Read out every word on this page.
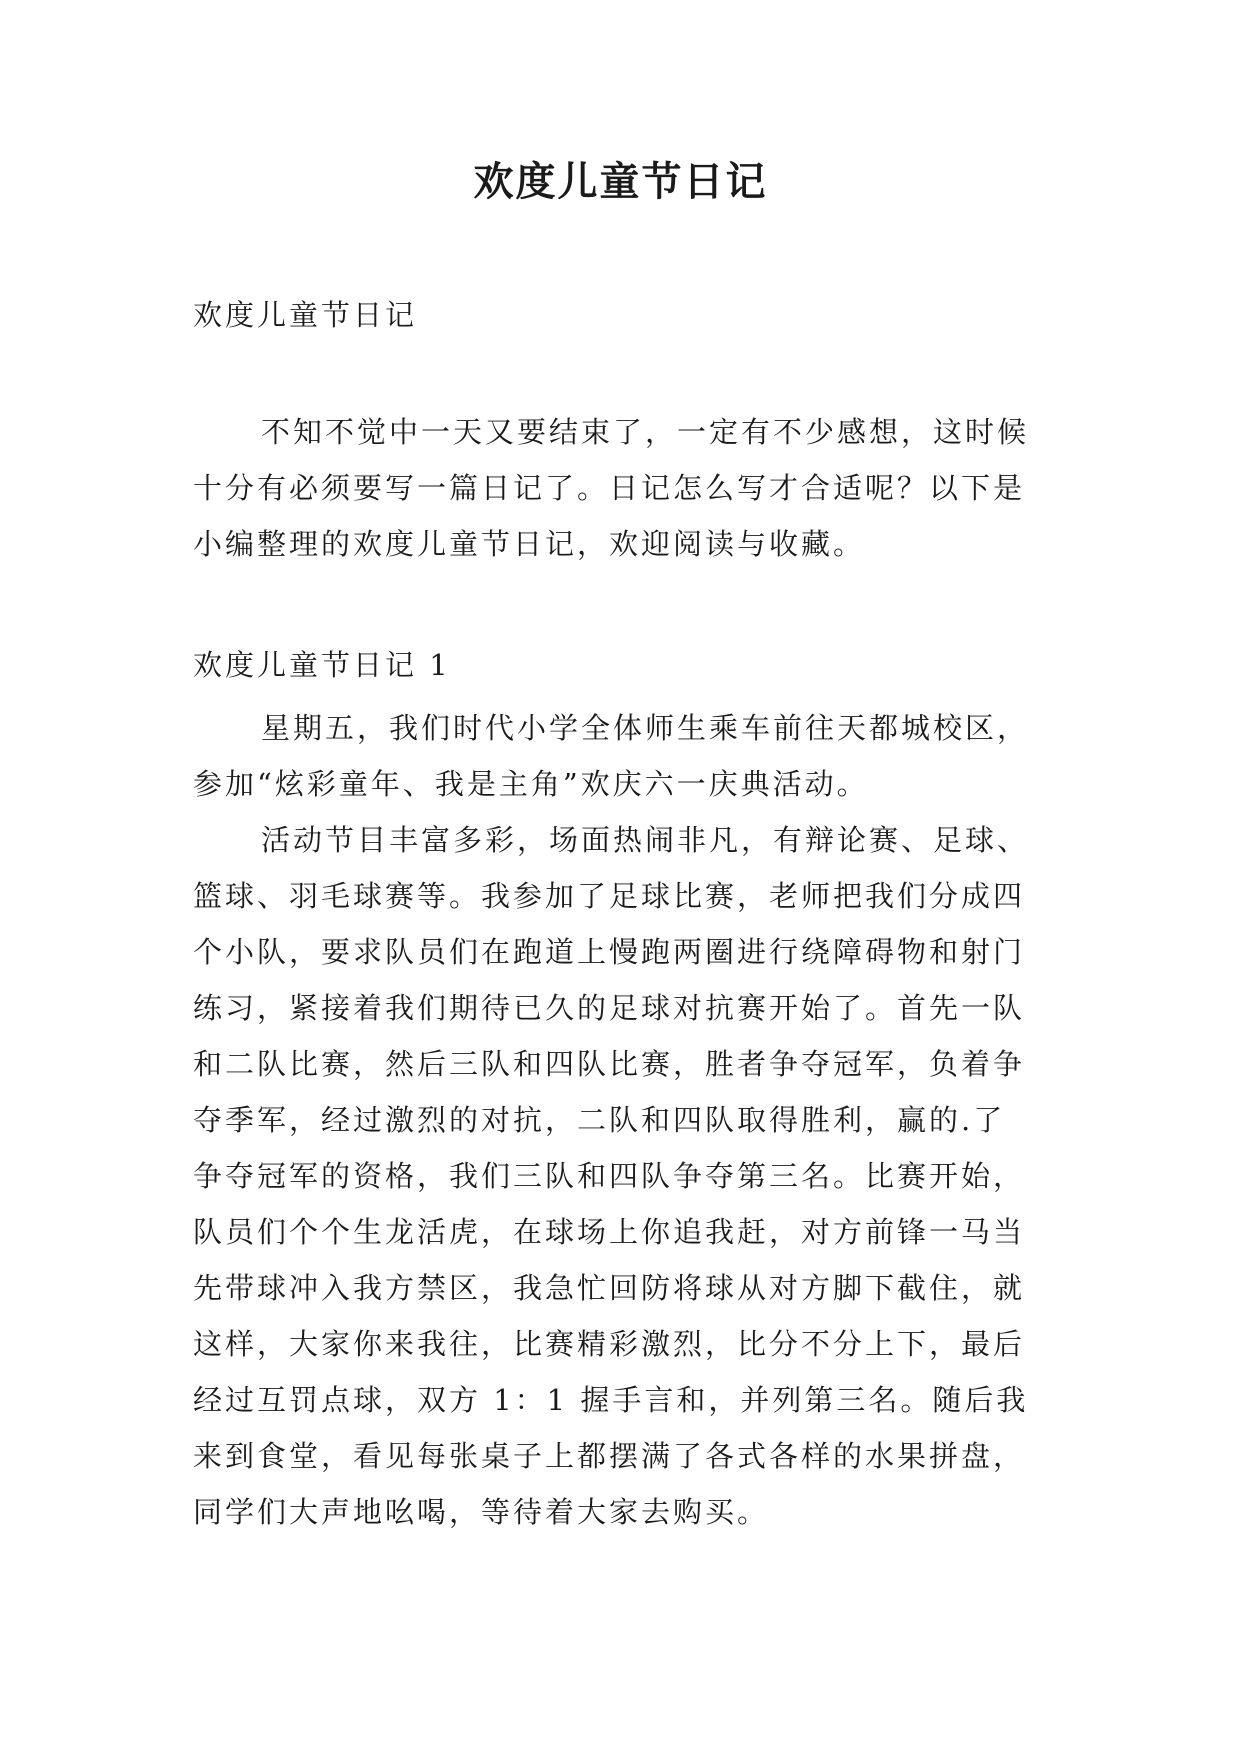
欢度儿童节日记

欢度儿童节日记

不知不觉中一天又要结束了，一定有不少感想，这时候
十分有必须要写一篇日记了。日记怎么写才合适呢？以下是
小编整理的欢度儿童节日记，欢迎阅读与收藏。

欢度儿童节日记 1

星期五，我们时代小学全体师生乘车前往天都城校区，
参加“炫彩童年、我是主角”欢庆六一庆典活动。
活动节目丰富多彩，场面热闹非凡，有辩论赛、足球、
篮球、羽毛球赛等。我参加了足球比赛，老师把我们分成四
个小队，要求队员们在跑道上慢跑两圈进行绕障碍物和射门
练习，紧接着我们期待已久的足球对抗赛开始了。首先一队
和二队比赛，然后三队和四队比赛，胜者争夺冠军，负着争
夺季军，经过激烈的对抗，二队和四队取得胜利，赢的.了
争夺冠军的资格，我们三队和四队争夺第三名。比赛开始，
队员们个个生龙活虎，在球场上你追我赶，对方前锋一马当
先带球冲入我方禁区，我急忙回防将球从对方脚下截住，就
这样，大家你来我往，比赛精彩激烈，比分不分上下，最后
经过互罚点球，双方 1：1 握手言和，并列第三名。随后我
来到食堂，看见每张桌子上都摆满了各式各样的水果拼盘，
同学们大声地吆喝，等待着大家去购买。
